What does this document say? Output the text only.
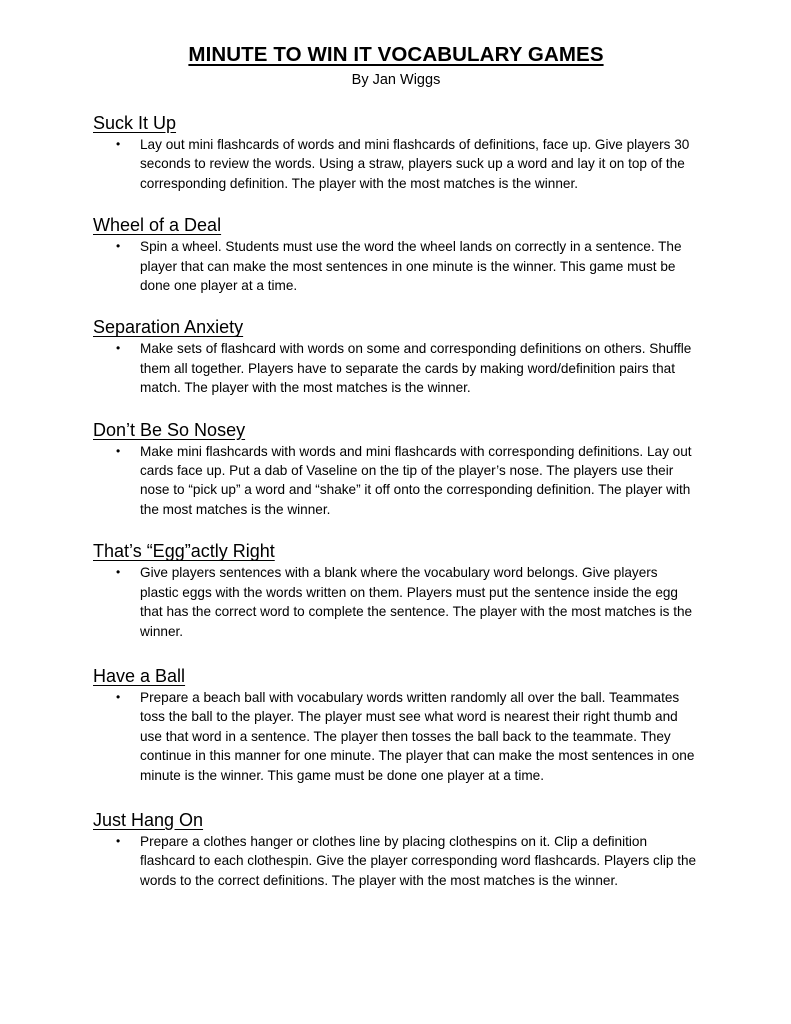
MINUTE TO WIN IT VOCABULARY GAMES

By Jan Wiggs

Suck It Up
• Lay out mini flashcards of words and mini flashcards of definitions, face up. Give players 30 seconds to review the words. Using a straw, players suck up a word and lay it on top of the corresponding definition. The player with the most matches is the winner.
Wheel of a Deal
• Spin a wheel. Students must use the word the wheel lands on correctly in a sentence. The player that can make the most sentences in one minute is the winner. This game must be done one player at a time.
Separation Anxiety
• Make sets of flashcard with words on some and corresponding definitions on others. Shuffle them all together. Players have to separate the cards by making word/definition pairs that match. The player with the most matches is the winner.
Don’t Be So Nosey
• Make mini flashcards with words and mini flashcards with corresponding definitions. Lay out cards face up. Put a dab of Vaseline on the tip of the player’s nose. The players use their nose to “pick up” a word and “shake” it off onto the corresponding definition. The player with the most matches is the winner.
That’s “Egg”actly Right
• Give players sentences with a blank where the vocabulary word belongs. Give players plastic eggs with the words written on them. Players must put the sentence inside the egg that has the correct word to complete the sentence. The player with the most matches is the winner.
Have a Ball
• Prepare a beach ball with vocabulary words written randomly all over the ball. Teammates toss the ball to the player. The player must see what word is nearest their right thumb and use that word in a sentence. The player then tosses the ball back to the teammate. They continue in this manner for one minute. The player that can make the most sentences in one minute is the winner. This game must be done one player at a time.
Just Hang On
• Prepare a clothes hanger or clothes line by placing clothespins on it. Clip a definition flashcard to each clothespin. Give the player corresponding word flashcards. Players clip the words to the correct definitions. The player with the most matches is the winner.
